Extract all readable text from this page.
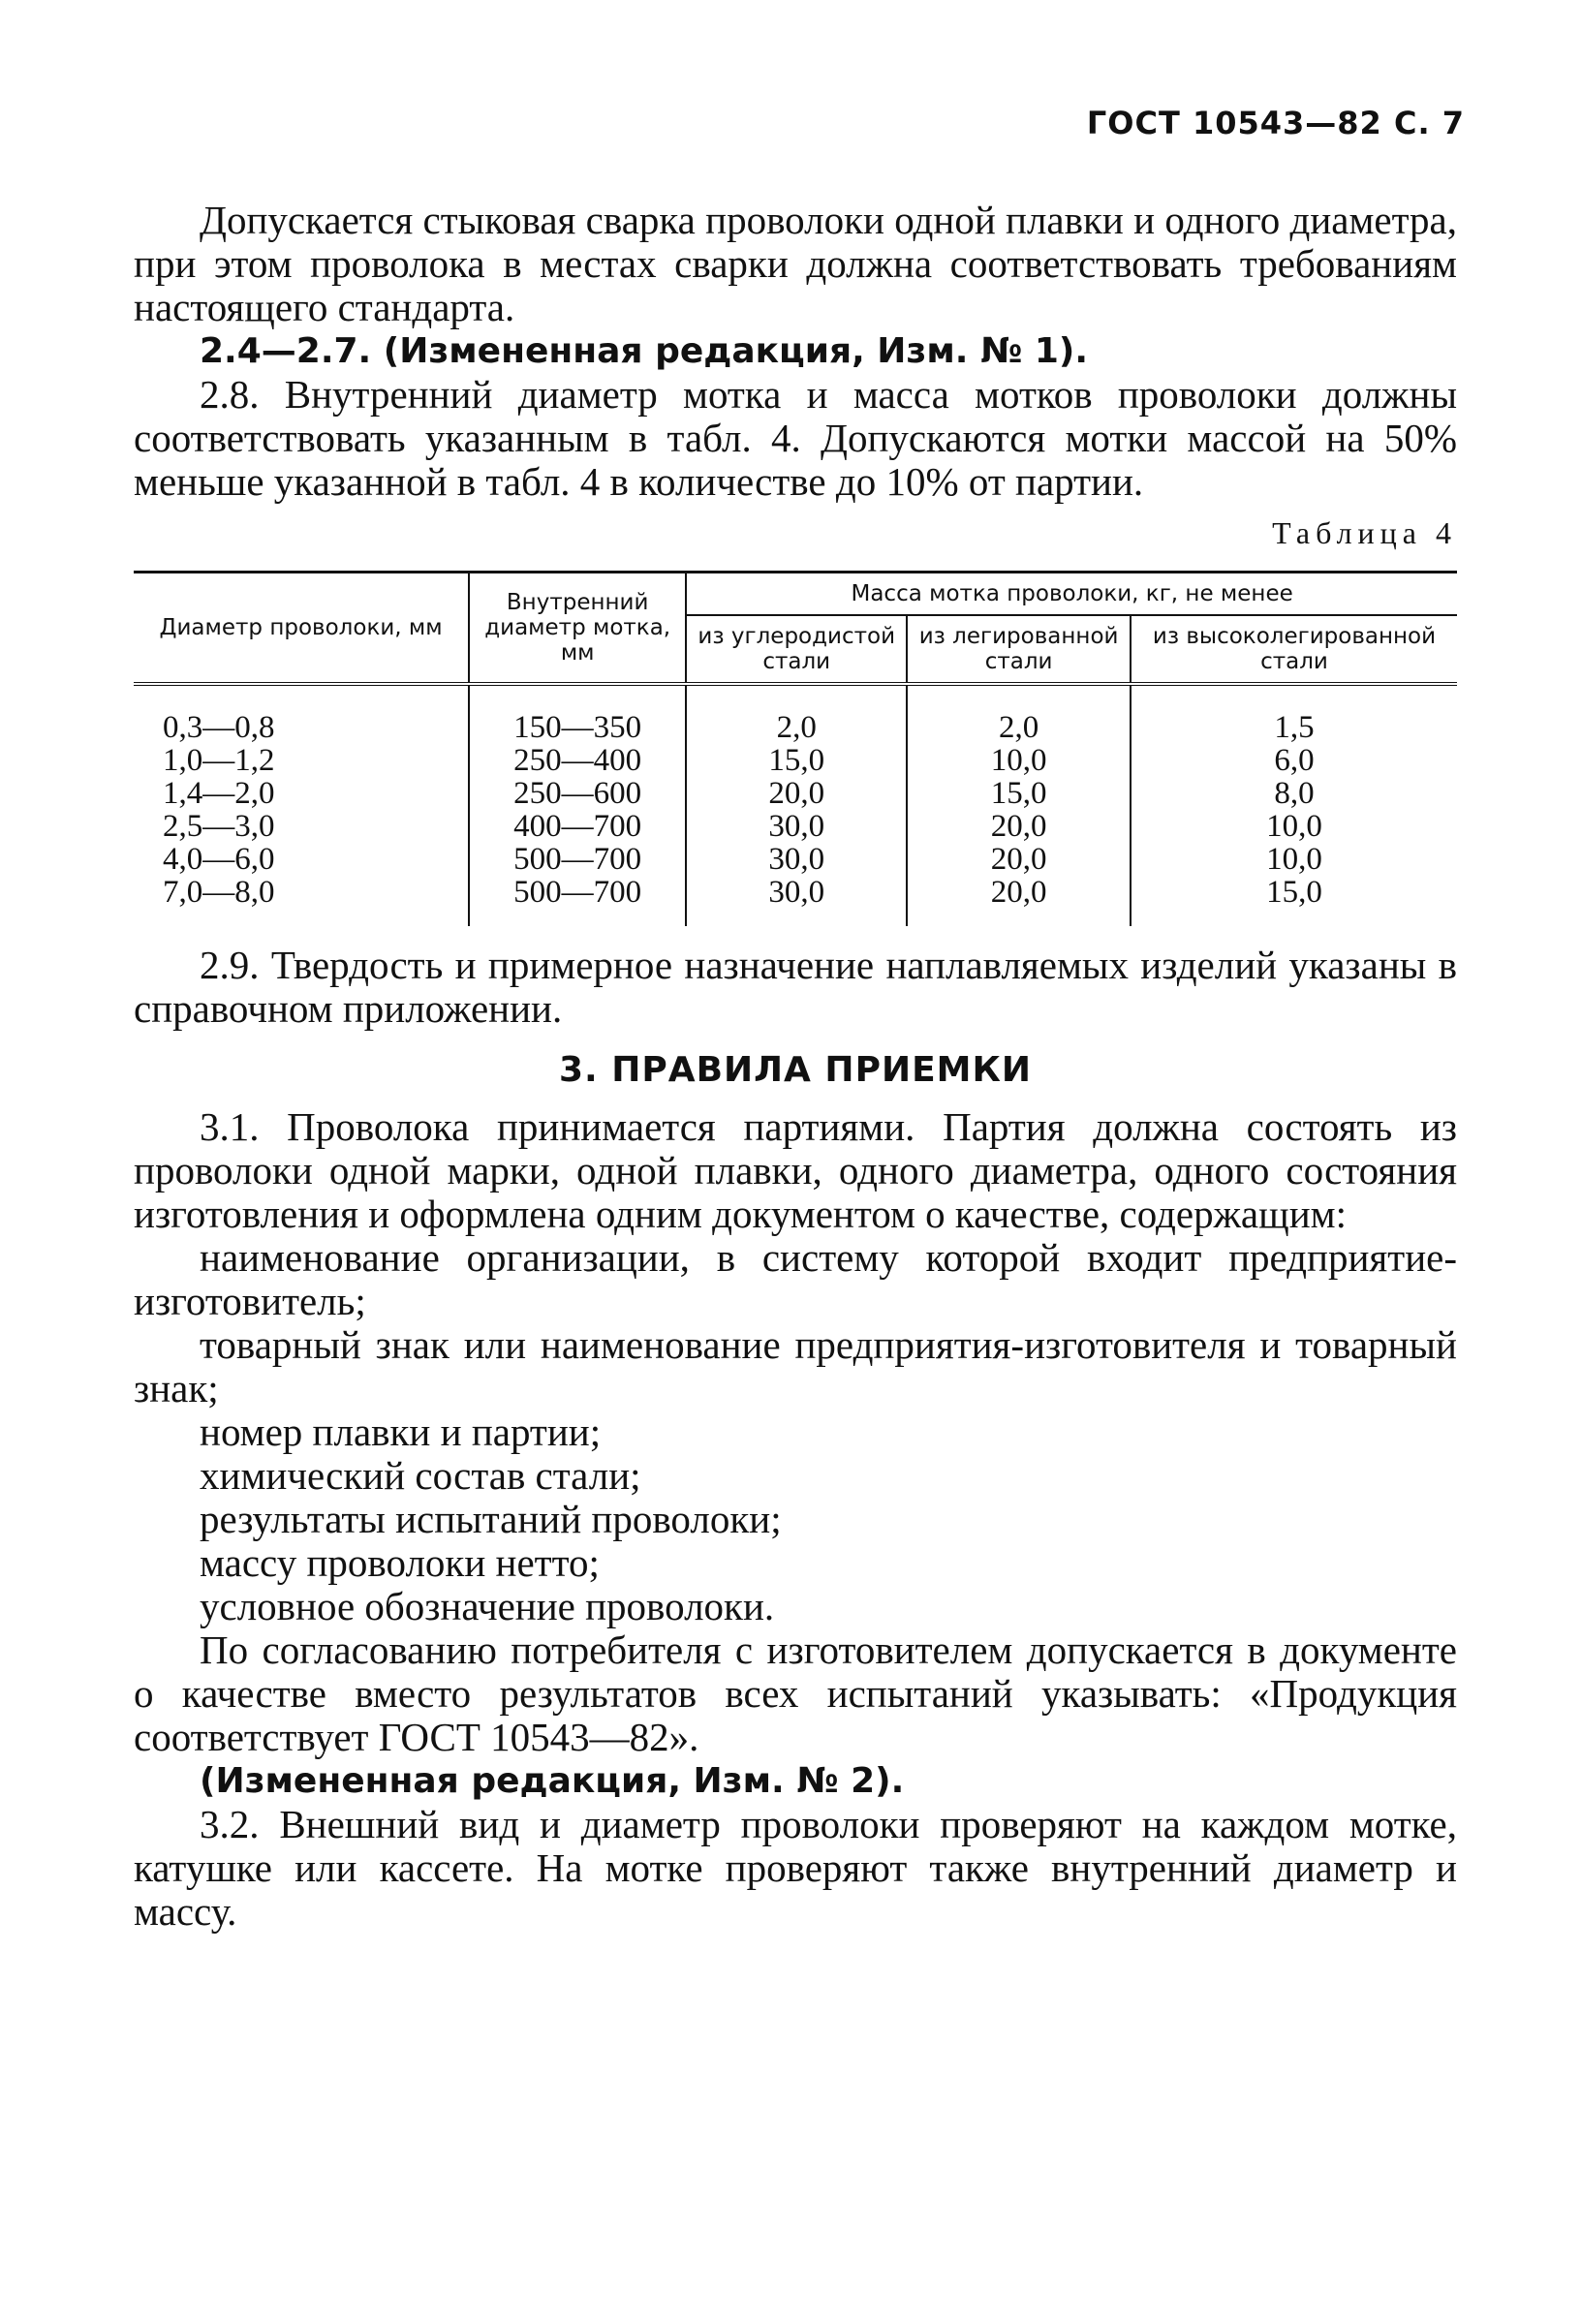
ГОСТ 10543—82 С. 7

Допускается стыковая сварка проволоки одной плавки и одного диаметра, при этом проволока в местах сварки должна соответствовать требованиям настоящего стандарта.

2.4—2.7. (Измененная редакция, Изм. № 1).

2.8. Внутренний диаметр мотка и масса мотков проволоки должны соответствовать указанным в табл. 4. Допускаются мотки массой на 50% меньше указанной в табл. 4 в количестве до 10% от партии.

Таблица 4
Диаметр проволоки, мм	Внутренний диаметр мотка, мм	Масса мотка проволоки, кг, не менее		
		из углеродистой стали	из легированной стали	из высоколегированной стали
0,3—0,8	150—350	2,0	2,0	1,5
1,0—1,2	250—400	15,0	10,0	6,0
1,4—2,0	250—600	20,0	15,0	8,0
2,5—3,0	400—700	30,0	20,0	10,0
4,0—6,0	500—700	30,0	20,0	10,0
7,0—8,0	500—700	30,0	20,0	15,0

2.9. Твердость и примерное назначение наплавляемых изделий указаны в справочном приложении.

3. ПРАВИЛА ПРИЕМКИ

3.1. Проволока принимается партиями. Партия должна состоять из проволоки одной марки, одной плавки, одного диаметра, одного состояния изготовления и оформлена одним документом о качестве, содержащим:

наименование организации, в систему которой входит предприятие-изготовитель;

товарный знак или наименование предприятия-изготовителя и товарный знак;

номер плавки и партии;

химический состав стали;

результаты испытаний проволоки;

массу проволоки нетто;

условное обозначение проволоки.

По согласованию потребителя с изготовителем допускается в документе о качестве вместо результатов всех испытаний указывать: «Продукция соответствует ГОСТ 10543—82».

(Измененная редакция, Изм. № 2).

3.2. Внешний вид и диаметр проволоки проверяют на каждом мотке, катушке или кассете. На мотке проверяют также внутренний диаметр и массу.
